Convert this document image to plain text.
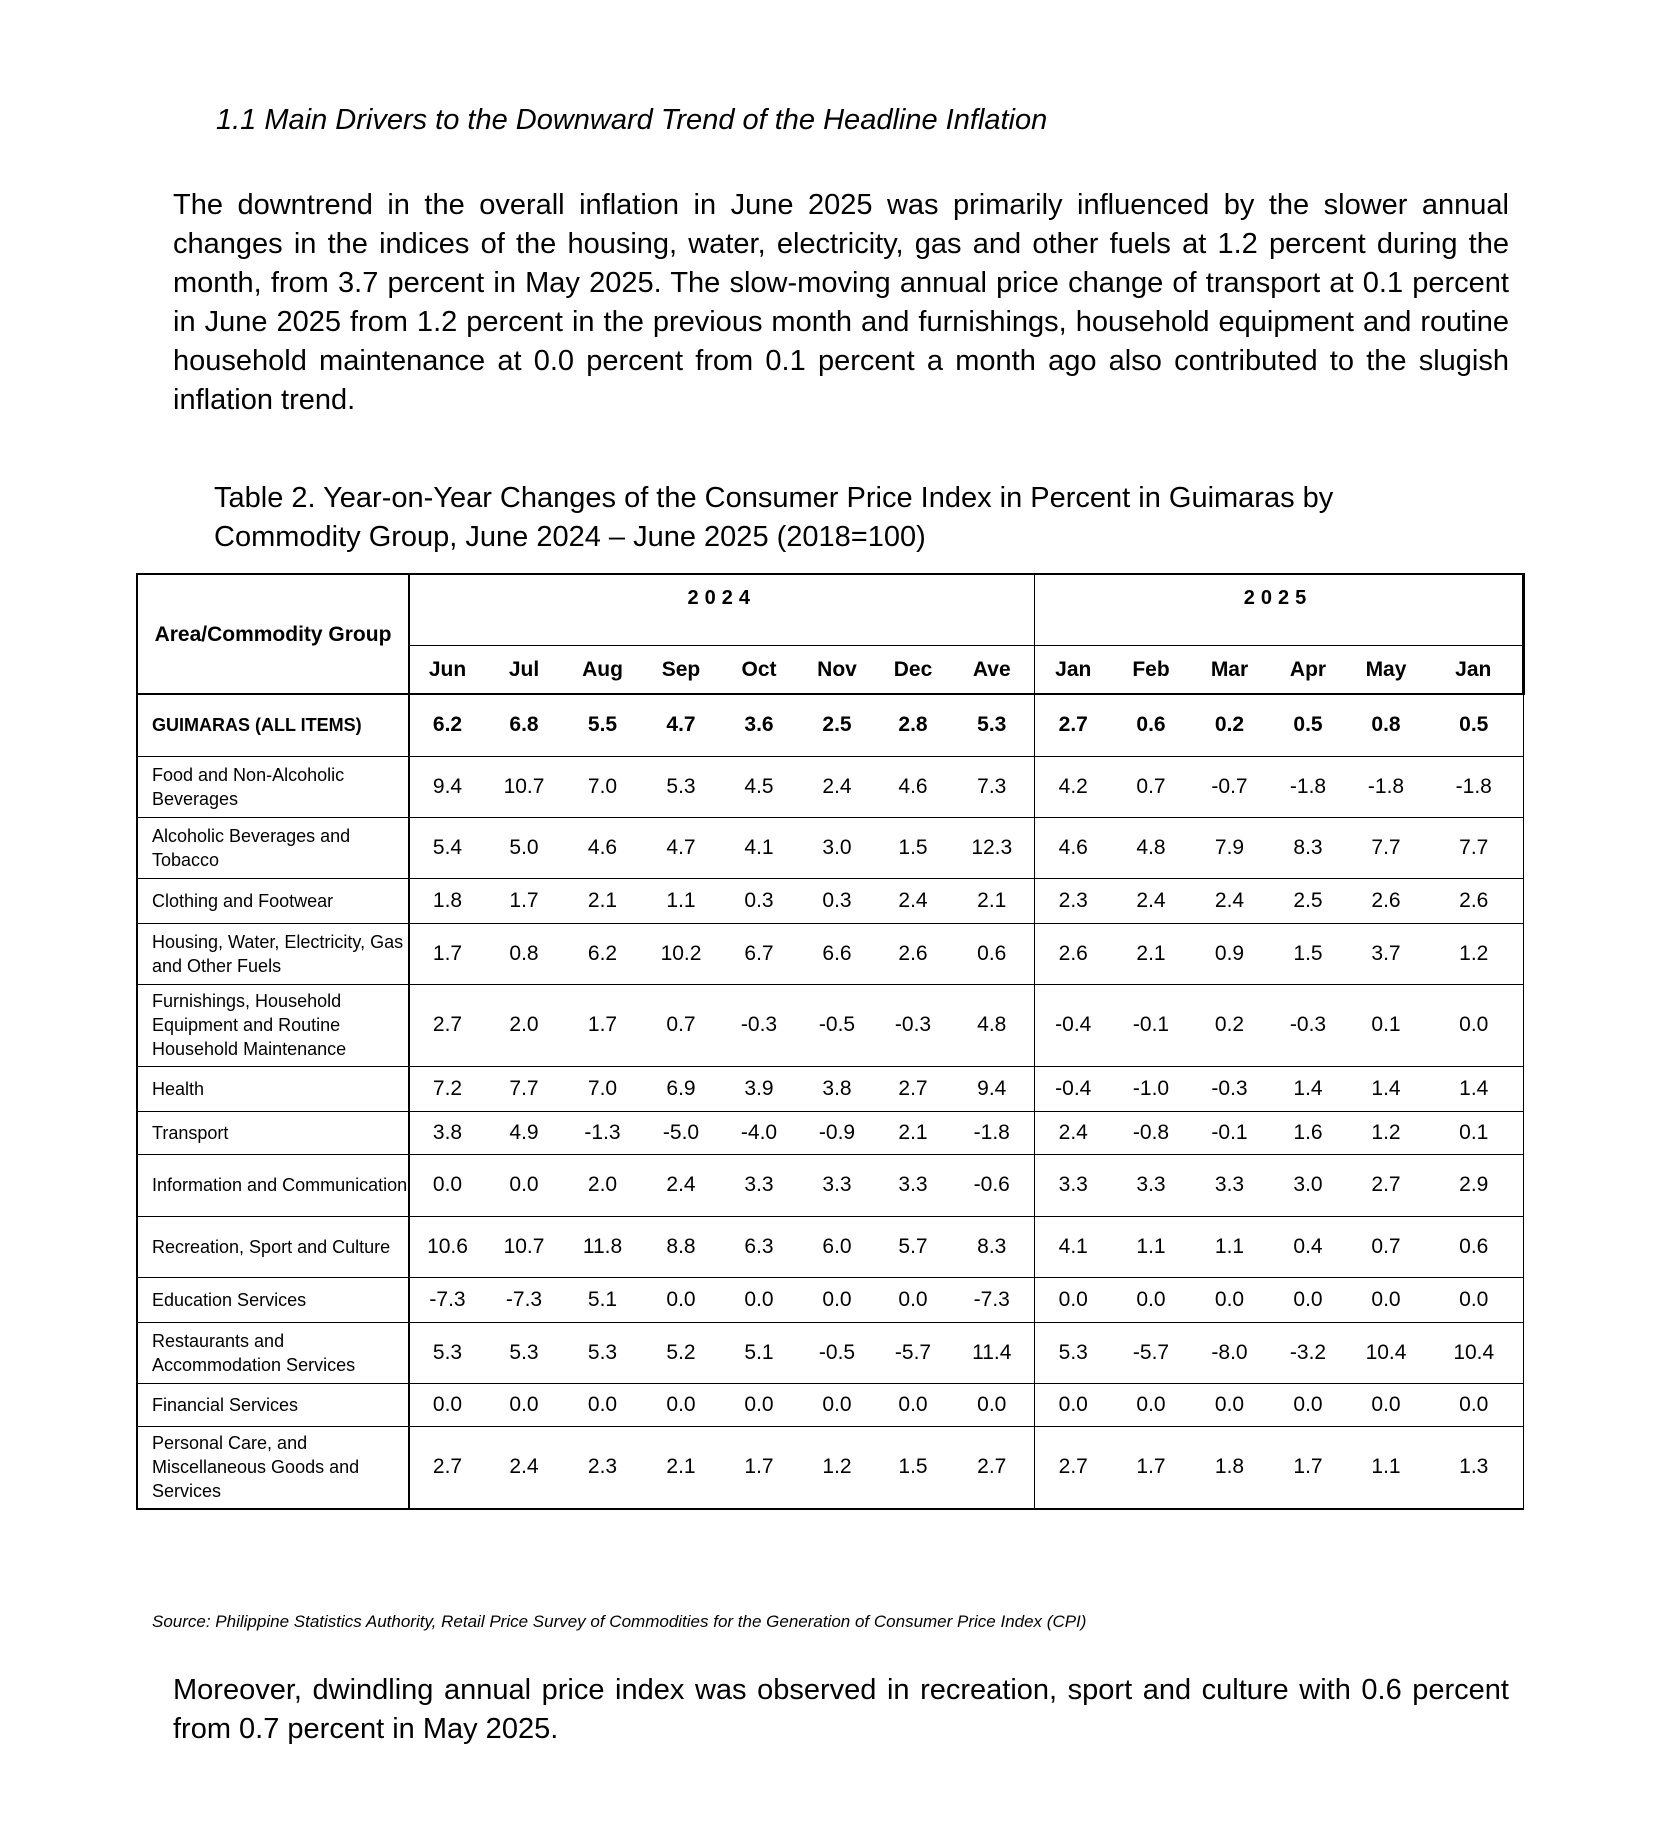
1.1 Main Drivers to the Downward Trend of the Headline Inflation

The downtrend in the overall inflation in June 2025 was primarily influenced by the slower annual changes in the indices of the housing, water, electricity, gas and other fuels at 1.2 percent during the month, from 3.7 percent in May 2025. The slow-moving annual price change of transport at 0.1 percent in June 2025 from 1.2 percent in the previous month and furnishings, household equipment and routine household maintenance at 0.0 percent from 0.1 percent a month ago also contributed to the slugish inflation trend.

Table 2. Year-on-Year Changes of the Consumer Price Index in Percent in Guimaras by
Commodity Group, June 2024 – June 2025 (2018=100)
Area/Commodity Group	2024								2025					
	Jun	Jul	Aug	Sep	Oct	Nov	Dec	Ave	Jan	Feb	Mar	Apr	May	Jan
GUIMARAS (ALL ITEMS)	6.2	6.8	5.5	4.7	3.6	2.5	2.8	5.3	2.7	0.6	0.2	0.5	0.8	0.5
Food and Non-Alcoholic Beverages	9.4	10.7	7.0	5.3	4.5	2.4	4.6	7.3	4.2	0.7	-0.7	-1.8	-1.8	-1.8
Alcoholic Beverages and Tobacco	5.4	5.0	4.6	4.7	4.1	3.0	1.5	12.3	4.6	4.8	7.9	8.3	7.7	7.7
Clothing and Footwear	1.8	1.7	2.1	1.1	0.3	0.3	2.4	2.1	2.3	2.4	2.4	2.5	2.6	2.6
Housing, Water, Electricity, Gas and Other Fuels	1.7	0.8	6.2	10.2	6.7	6.6	2.6	0.6	2.6	2.1	0.9	1.5	3.7	1.2
Furnishings, Household Equipment and Routine Household Maintenance	2.7	2.0	1.7	0.7	-0.3	-0.5	-0.3	4.8	-0.4	-0.1	0.2	-0.3	0.1	0.0
Health	7.2	7.7	7.0	6.9	3.9	3.8	2.7	9.4	-0.4	-1.0	-0.3	1.4	1.4	1.4
Transport	3.8	4.9	-1.3	-5.0	-4.0	-0.9	2.1	-1.8	2.4	-0.8	-0.1	1.6	1.2	0.1
Information and Communication	0.0	0.0	2.0	2.4	3.3	3.3	3.3	-0.6	3.3	3.3	3.3	3.0	2.7	2.9
Recreation, Sport and Culture	10.6	10.7	11.8	8.8	6.3	6.0	5.7	8.3	4.1	1.1	1.1	0.4	0.7	0.6
Education Services	-7.3	-7.3	5.1	0.0	0.0	0.0	0.0	-7.3	0.0	0.0	0.0	0.0	0.0	0.0
Restaurants and Accommodation Services	5.3	5.3	5.3	5.2	5.1	-0.5	-5.7	11.4	5.3	-5.7	-8.0	-3.2	10.4	10.4
Financial Services	0.0	0.0	0.0	0.0	0.0	0.0	0.0	0.0	0.0	0.0	0.0	0.0	0.0	0.0
Personal Care, and Miscellaneous Goods and Services	2.7	2.4	2.3	2.1	1.7	1.2	1.5	2.7	2.7	1.7	1.8	1.7	1.1	1.3
Source: Philippine Statistics Authority, Retail Price Survey of Commodities for the Generation of Consumer Price Index (CPI)

Moreover, dwindling annual price index was observed in recreation, sport and culture with 0.6 percent from 0.7 percent in May 2025.
